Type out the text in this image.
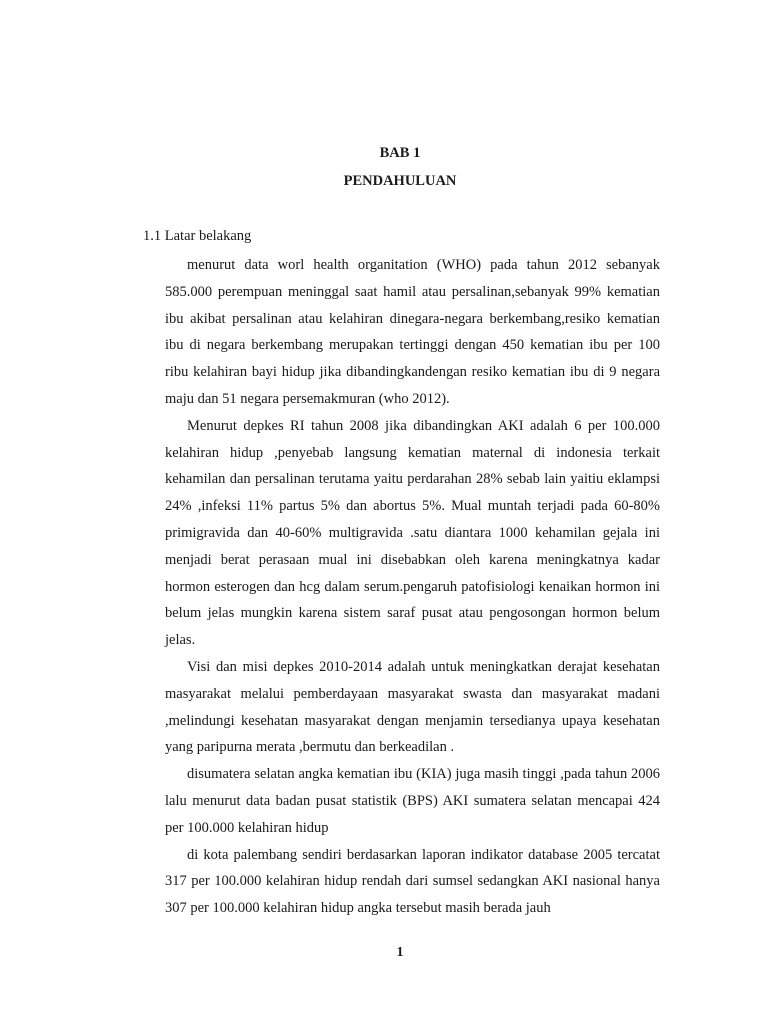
BAB 1
PENDAHULUAN
1.1 Latar belakang

menurut data worl health organitation (WHO) pada tahun 2012 sebanyak 585.000 perempuan meninggal saat hamil atau persalinan,sebanyak 99% kematian ibu akibat persalinan atau kelahiran dinegara-negara berkembang,resiko kematian ibu di negara berkembang merupakan tertinggi dengan 450 kematian ibu per 100 ribu kelahiran bayi hidup jika dibandingkandengan resiko kematian ibu di 9 negara maju dan 51 negara persemakmuran (who 2012).

Menurut depkes RI tahun 2008 jika dibandingkan AKI adalah 6 per 100.000 kelahiran hidup ,penyebab langsung kematian maternal di indonesia terkait kehamilan dan persalinan terutama yaitu perdarahan 28% sebab lain yaitiu eklampsi 24% ,infeksi 11% partus 5% dan abortus 5%. Mual muntah terjadi pada 60-80% primigravida dan 40-60% multigravida .satu diantara 1000 kehamilan gejala ini menjadi berat perasaan mual ini disebabkan oleh karena meningkatnya kadar hormon esterogen dan hcg dalam serum.pengaruh patofisiologi kenaikan hormon ini belum jelas mungkin karena sistem saraf pusat atau pengosongan hormon belum jelas.

Visi dan misi depkes 2010-2014 adalah untuk meningkatkan derajat kesehatan masyarakat melalui pemberdayaan masyarakat swasta dan masyarakat madani ,melindungi kesehatan masyarakat dengan menjamin tersedianya upaya kesehatan yang paripurna merata ,bermutu dan berkeadilan .

disumatera selatan angka kematian ibu (KIA) juga masih tinggi ,pada tahun 2006 lalu menurut data badan pusat statistik (BPS) AKI sumatera selatan mencapai 424 per 100.000 kelahiran hidup

di kota palembang sendiri berdasarkan laporan indikator database 2005 tercatat 317 per 100.000 kelahiran hidup rendah dari sumsel sedangkan AKI nasional hanya 307 per 100.000 kelahiran hidup angka tersebut masih berada jauh

1
